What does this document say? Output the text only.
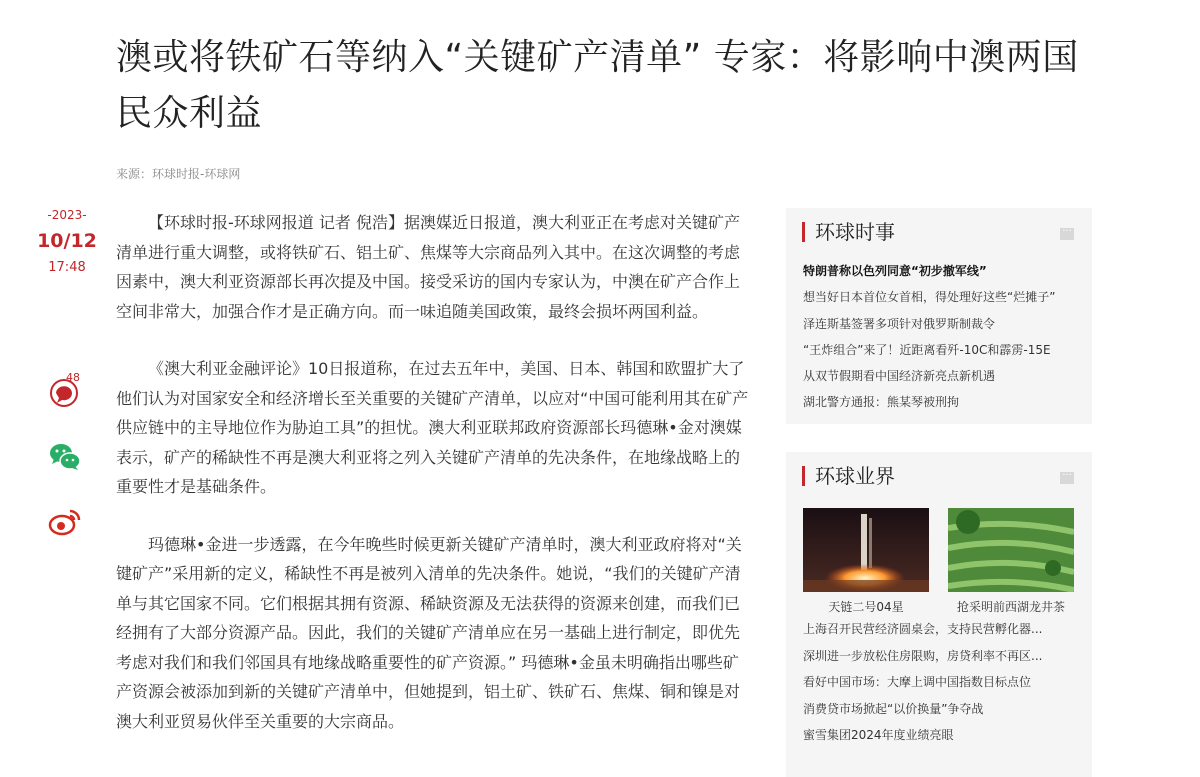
澳或将铁矿石等纳入“关键矿产清单” 专家：将影响中澳两国民众利益
来源：环球时报-环球网
-2023-
10/12
17:48
48

【环球时报-环球网报道 记者 倪浩】据澳媒近日报道，澳大利亚正在考虑对关键矿产清单进行重大调整，或将铁矿石、铝土矿、焦煤等大宗商品列入其中。在这次调整的考虑因素中，澳大利亚资源部长再次提及中国。接受采访的国内专家认为，中澳在矿产合作上空间非常大，加强合作才是正确方向。而一味追随美国政策，最终会损坏两国利益。

《澳大利亚金融评论》10日报道称，在过去五年中，美国、日本、韩国和欧盟扩大了他们认为对国家安全和经济增长至关重要的关键矿产清单，以应对“中国可能利用其在矿产供应链中的主导地位作为胁迫工具”的担忧。澳大利亚联邦政府资源部长玛德琳•金对澳媒表示，矿产的稀缺性不再是澳大利亚将之列入关键矿产清单的先决条件，在地缘战略上的重要性才是基础条件。

玛德琳•金进一步透露，在今年晚些时候更新关键矿产清单时，澳大利亚政府将对“关键矿产”采用新的定义，稀缺性不再是被列入清单的先决条件。她说，“我们的关键矿产清单与其它国家不同。它们根据其拥有资源、稀缺资源及无法获得的资源来创建，而我们已经拥有了大部分资源产品。因此，我们的关键矿产清单应在另一基础上进行制定，即优先考虑对我们和我们邻国具有地缘战略重要性的矿产资源。” 玛德琳•金虽未明确指出哪些矿产资源会被添加到新的关键矿产清单中，但她提到，铝土矿、铁矿石、焦煤、铜和镍是对澳大利亚贸易伙伴至关重要的大宗商品。

环球时事	···
特朗普称以色列同意“初步撤军线”
想当好日本首位女首相，得处理好这些“烂摊子”
泽连斯基签署多项针对俄罗斯制裁令
“王炸组合”来了！近距离看歼-10C和霹雳-15E
从双节假期看中国经济新亮点新机遇
湖北警方通报：熊某琴被刑拘
环球业界	···
天链二号04星	抢采明前西湖龙井茶
上海召开民营经济圆桌会，支持民营孵化器...
深圳进一步放松住房限购，房贷利率不再区...
看好中国市场：大摩上调中国指数目标点位
消费贷市场掀起“以价换量”争夺战
蜜雪集团2024年度业绩亮眼
